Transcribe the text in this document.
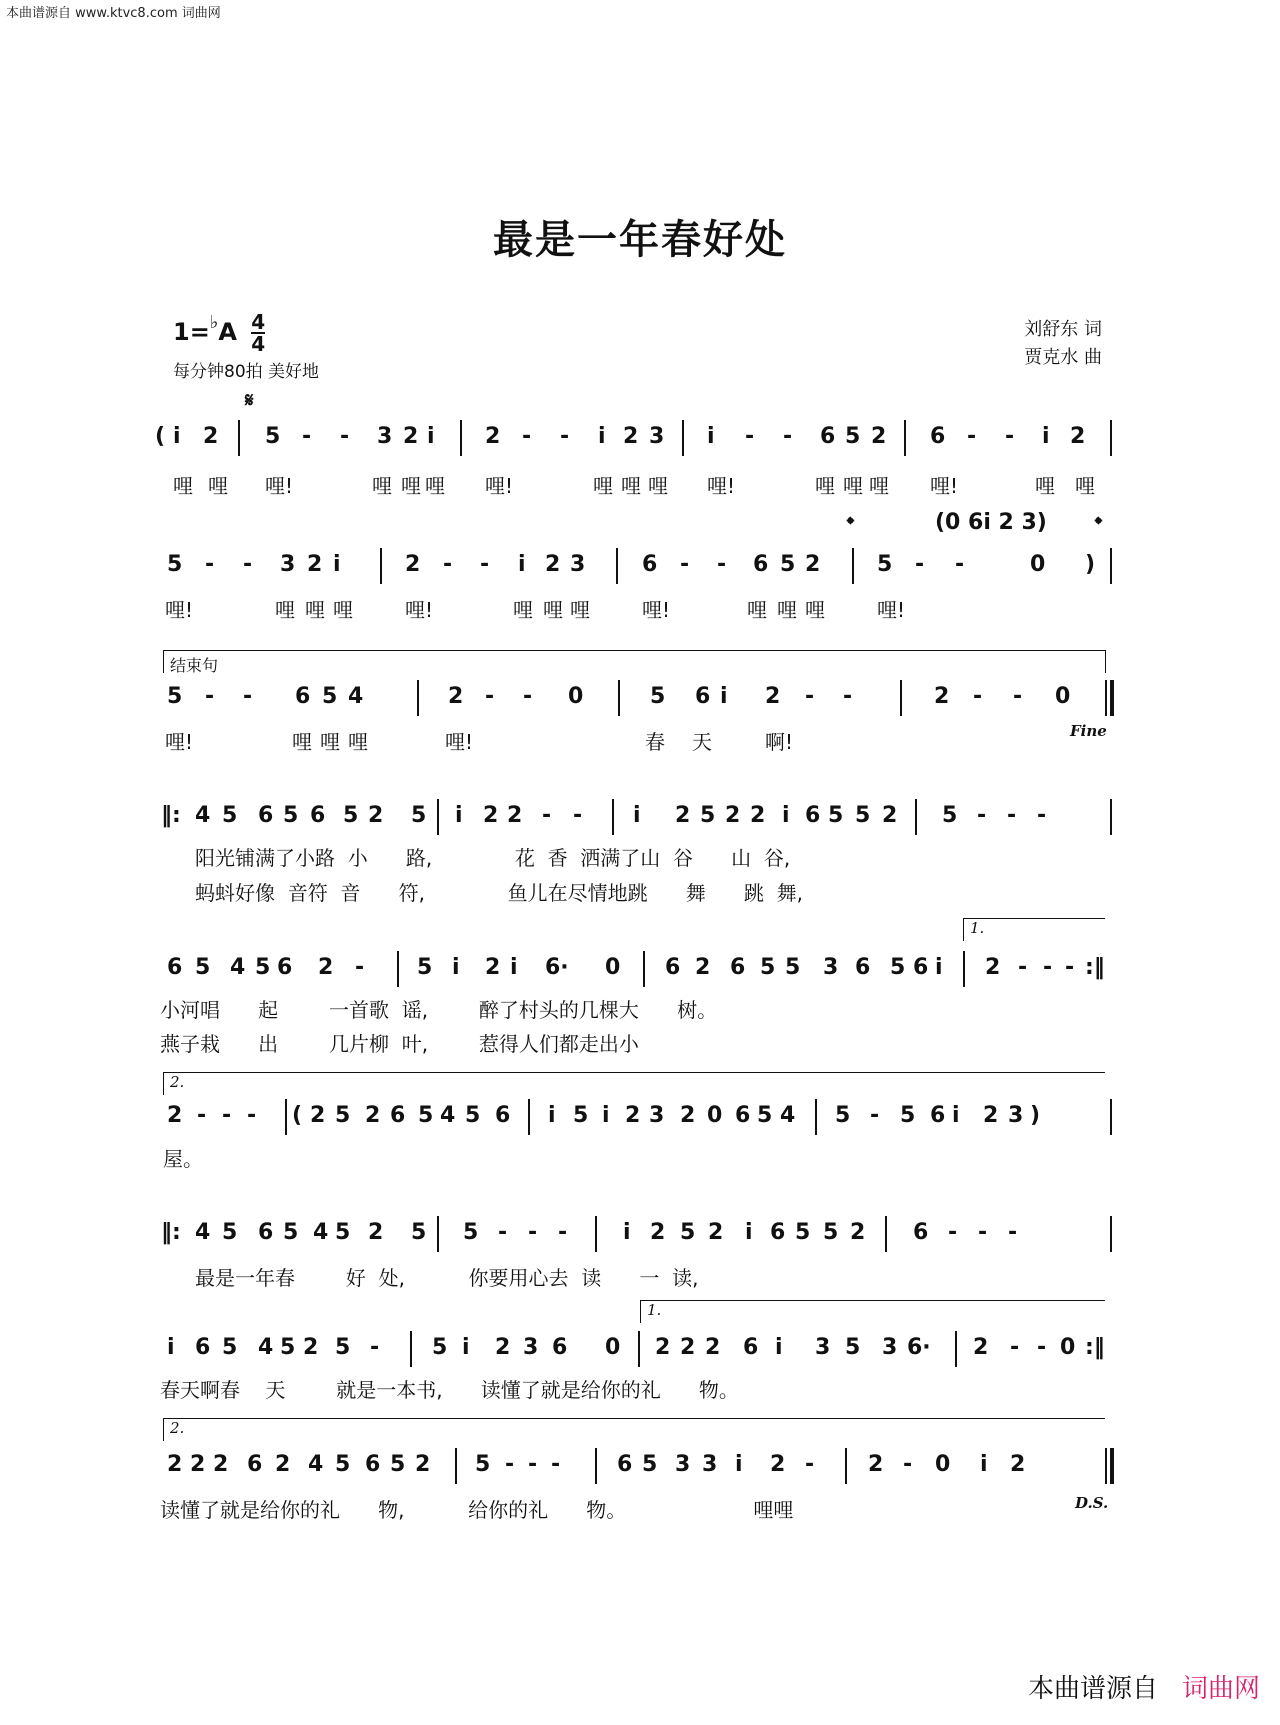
本曲谱源自 www.ktvc8.com 词曲网
最是一年春好处
$1=^♭A \frac{4}{4}$
每分钟80拍 美好地
刘舒东 词
贾克水 曲
𝄋
( i 2 5 - - 3 2 i 2 - - i 2 3 i - - 6 5 2 6 - - i 2
哩 哩 哩!	哩 哩 哩 哩!	哩 哩 哩 哩!	哩 哩 哩 哩!	哩 哩
𝄌	(0 6i 2 3) 𝄌
5 - - 3 2 i	2 - - i 2 3	6 - - 6 5 2	5 - -	0 )
哩!	哩 哩 哩	哩!	哩 哩 哩	哩!	哩 哩 哩	哩!
结束句
5 - - 6 5 4	2 - - 0	5 6 i 2 - -	2 - - 0
哩!	哩 哩 哩	哩!	春 天	啊!	Fine
‖: 4 5 6 5 6 5 2 5 i 2 2 - - i 2 5 2 2 i 6 5 5 2 5 - - -
阳光铺满了小路  小      路,             花  香  洒满了山  谷      山  谷,
蚂蚪好像  音符  音      符,             鱼儿在尽情地跳      舞      跳  舞,
1.
6 5 4 5 6 2 - 5 i 2 i 6· 0 6 2 6 5 5 3 6 5 6 i 2 - - - :‖
小河唱      起        一首歌  谣,        醉了村头的几棵大      树。
燕子栽      出        几片柳  叶,        惹得人们都走出小
2.
2 - - - ( 2 5 2 6 5 4 5 6 i 5 i 2 3 2 0 6 5 4 5 - 5 6 i 2 3 )
屋。
‖: 4 5 6 5 4 5 2 5 5 - - -	i 2 5 2 i 6 5 5 2 6 - - -
最是一年春        好  处,          你要用心去  读      一  读,
1.
i 6 5 4 5 2 5 - 5 i 2 3 6 0 2 2 2 6 i 3 5 3 6· 2 - - 0 :‖
春天啊春    天        就是一本书,      读懂了就是给你的礼      物。
2.
2 2 2 6 2 4 5 6 5 2 5 - - -	6 5 3 3 i 2 - 2 - 0 i 2
读懂了就是给你的礼      物,          给你的礼      物。                    哩哩	D.S.
本曲谱源自 词曲网
